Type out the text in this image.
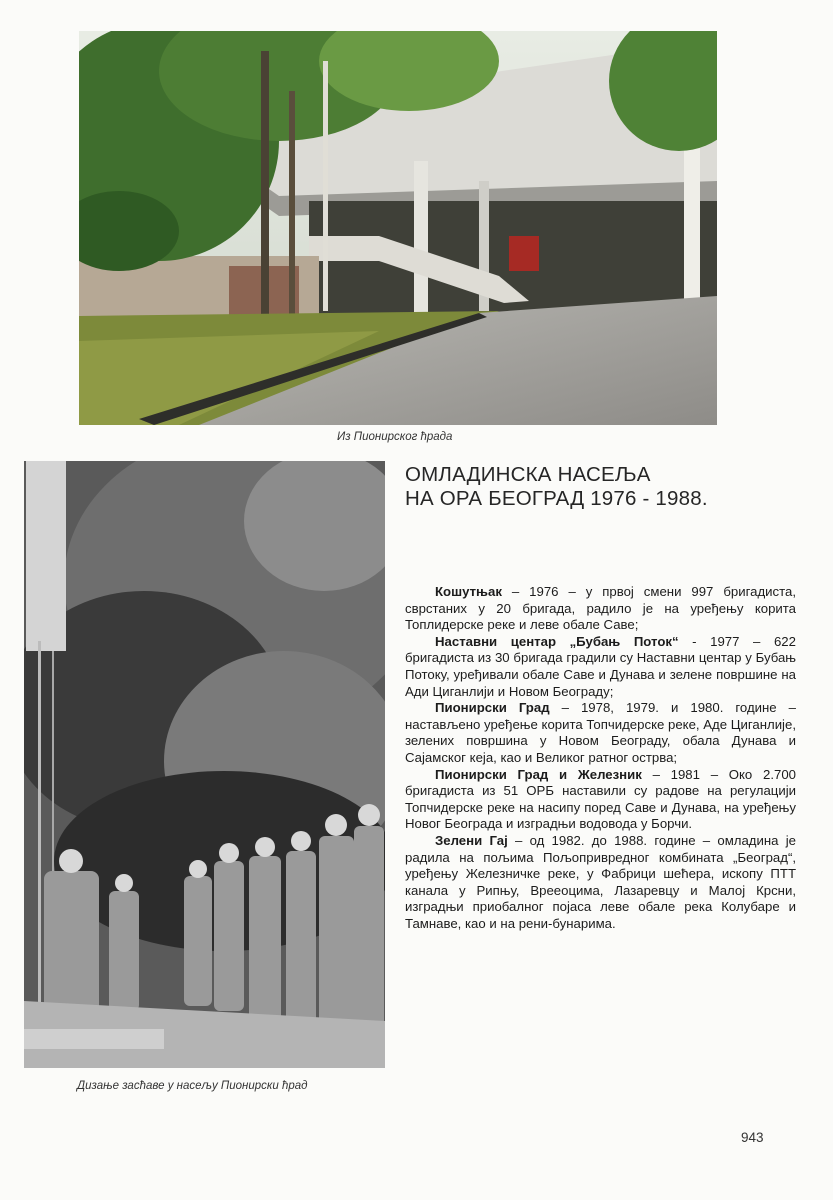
Из Пионирског ћрада
Дизање засћаве у насељу Пионирски ћрад
ОМЛАДИНСКА НАСЕЉА
НА ОРА БЕОГРАД 1976 - 1988.

Кошутњак – 1976 – у првој смени 997 бригадиста, сврстаних у 20 бригада, радило је на уређењу корита Топлидерске реке и леве обале Саве;

Наставни центар „Бубањ Поток“ - 1977 – 622 бригадиста из 30 бригада градили су Наставни центар у Бубањ Потоку, уређивали обале Саве и Дунава и зелене површине на Ади Циганлији и Новом Београду;

Пионирски Град – 1978, 1979. и 1980. године – настављено уређење корита Топчидерске реке, Аде Циганлије, зелених површина у Новом Београду, обала Дунава и Сајамског кеја, као и Великог ратног острва;

Пионирски Град и Железник – 1981 – Око 2.700 бригадиста из 51 ОРБ наставили су радове на регулацији Топчидерске реке на насипу поред Саве и Дунава, на уређењу Новог Београда и изградњи водовода у Борчи.

Зелени Гај – од 1982. до 1988. године – омладина је радила на пољима Пољопривредног комбината „Београд“, уређењу Железничке реке, у Фабрици шећера, ископу ПТТ канала у Рипњу, Врееоцима, Лазаревцу и Малој Крсни, изградњи приобалног појаса леве обале река Колубаре и Тамнаве, као и на рени-бунарима.

943
